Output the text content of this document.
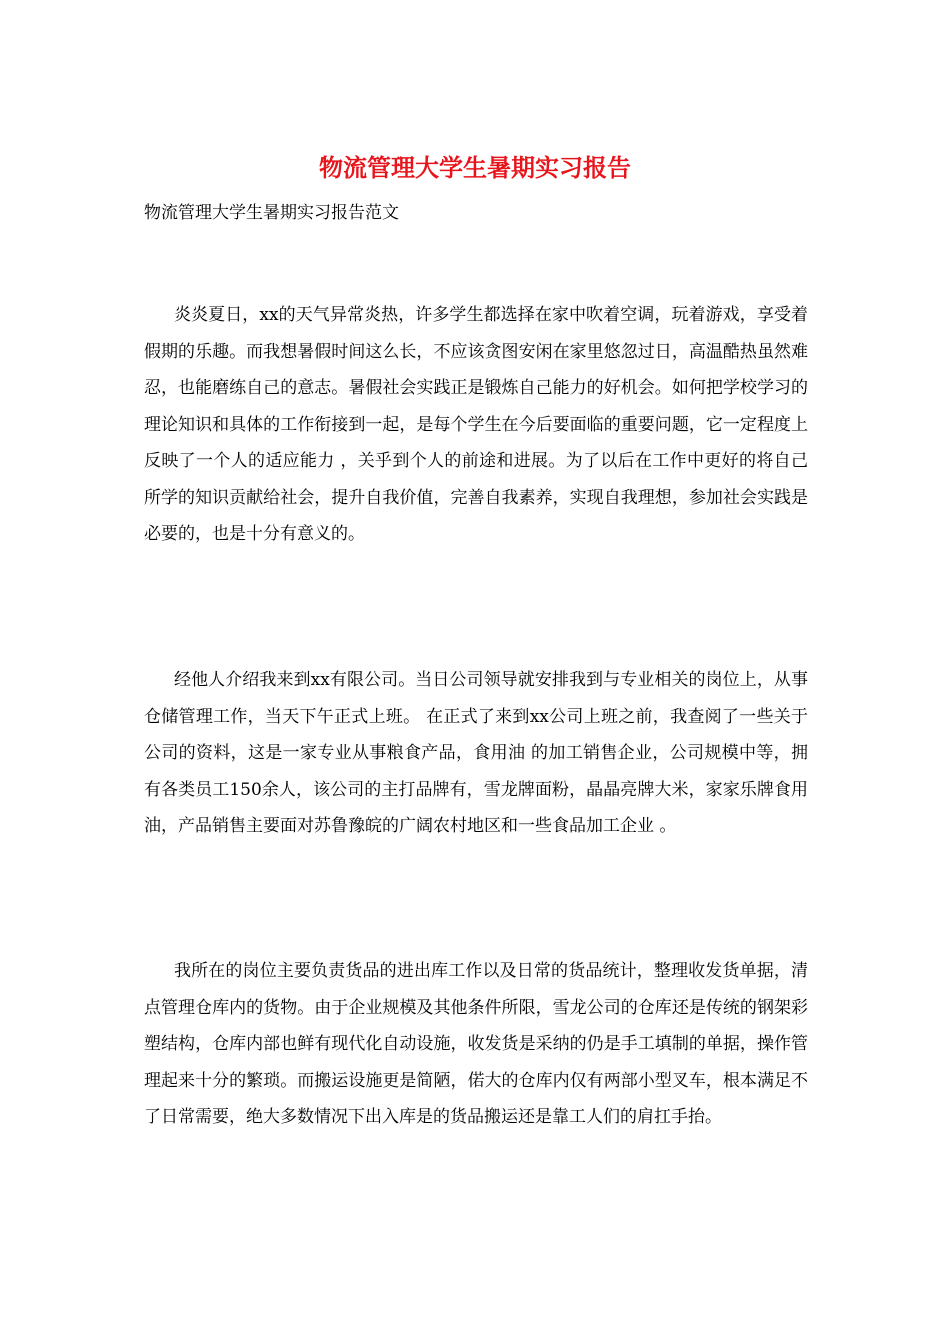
物流管理大学生暑期实习报告
物流管理大学生暑期实习报告范文

炎炎夏日，xx的天气异常炎热，许多学生都选择在家中吹着空调，玩着游戏，享受着假期的乐趣。而我想暑假时间这么长，不应该贪图安闲在家里悠忽过日，高温酷热虽然难忍，也能磨练自己的意志。暑假社会实践正是锻炼自己能力的好机会。如何把学校学习的理论知识和具体的工作衔接到一起，是每个学生在今后要面临的重要问题，它一定程度上反映了一个人的适应能力 ，关乎到个人的前途和进展。为了以后在工作中更好的将自己所学的知识贡献给社会，提升自我价值，完善自我素养，实现自我理想，参加社会实践是必要的，也是十分有意义的。

经他人介绍我来到xx有限公司。当日公司领导就安排我到与专业相关的岗位上，从事仓储管理工作，当天下午正式上班。 在正式了来到xx公司上班之前，我查阅了一些关于公司的资料，这是一家专业从事粮食产品，食用油 的加工销售企业，公司规模中等，拥有各类员工150余人，该公司的主打品牌有，雪龙牌面粉，晶晶亮牌大米，家家乐牌食用油，产品销售主要面对苏鲁豫皖的广阔农村地区和一些食品加工企业 。

我所在的岗位主要负责货品的进出库工作以及日常的货品统计，整理收发货单据，清点管理仓库内的货物。由于企业规模及其他条件所限，雪龙公司的仓库还是传统的钢架彩塑结构，仓库内部也鲜有现代化自动设施，收发货是采纳的仍是手工填制的单据，操作管理起来十分的繁琐。而搬运设施更是简陋，偌大的仓库内仅有两部小型叉车，根本满足不了日常需要，绝大多数情况下出入库是的货品搬运还是靠工人们的肩扛手抬。
